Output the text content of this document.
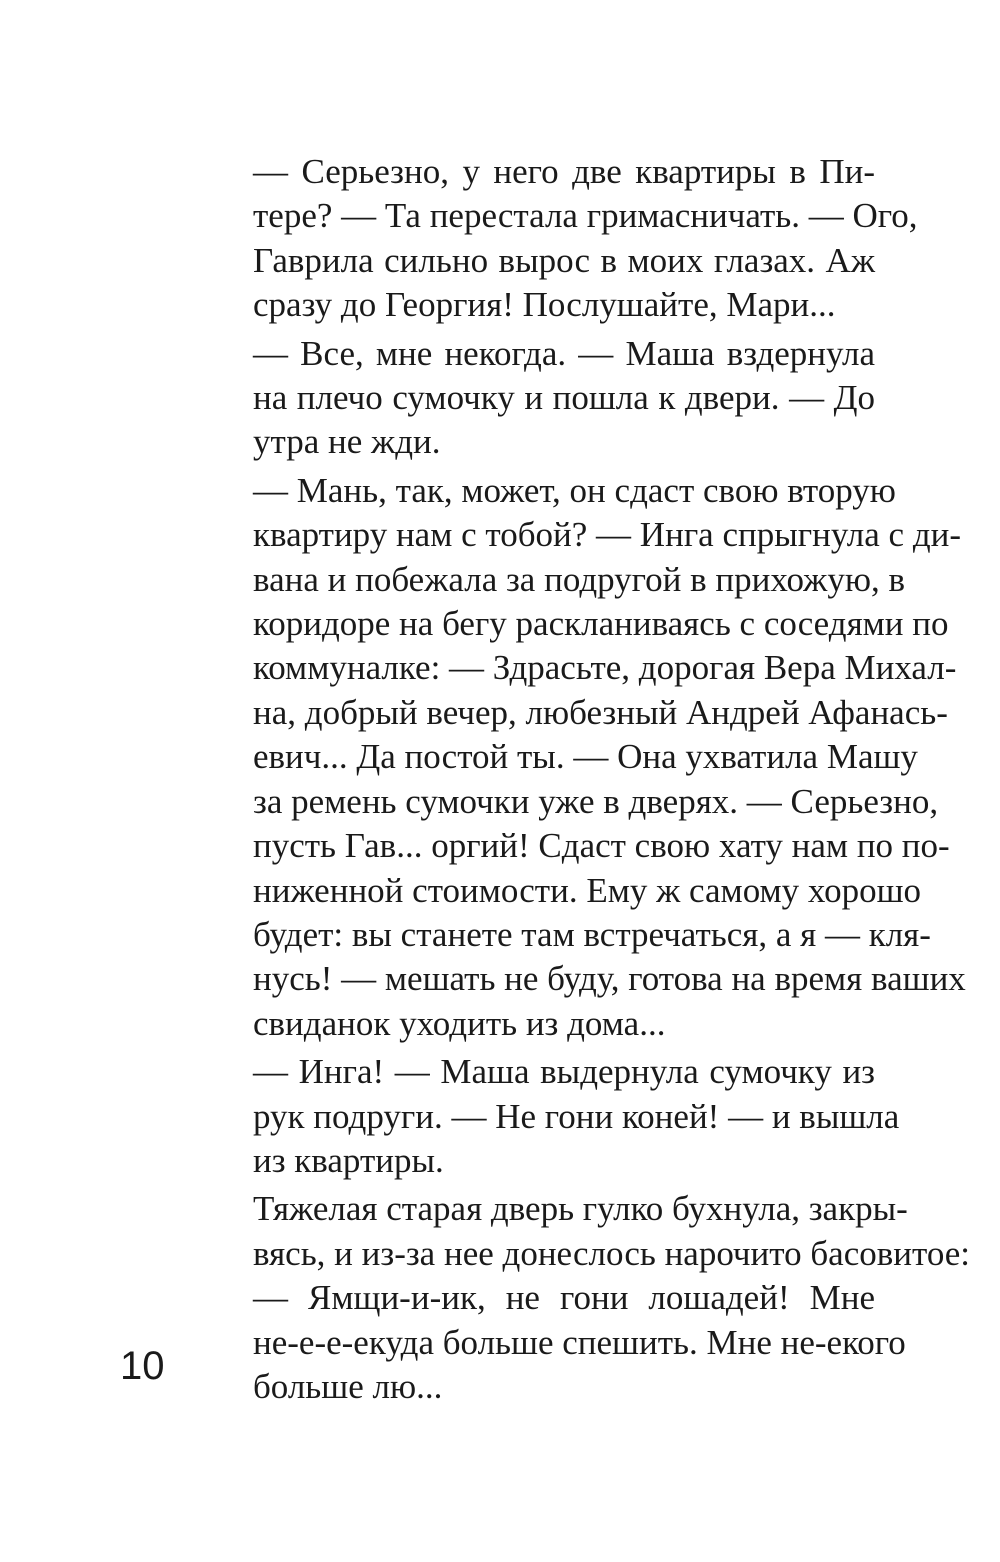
— Серьезно, у него две квартиры в Пи-
тере? — Та перестала гримасничать. — Ого,
Гаврила сильно вырос в моих глазах. Аж
сразу до Георгия! Послушайте, Мари...
— Все, мне некогда. — Маша вздернула
на плечо сумочку и пошла к двери. — До
утра не жди.
— Мань, так, может, он сдаст свою вторую
квартиру нам с тобой? — Инга спрыгнула с ди-
вана и побежала за подругой в прихожую, в
коридоре на бегу раскланиваясь с соседями по
коммуналке: — Здрасьте, дорогая Вера Михал-
на, добрый вечер, любезный Андрей Афанась-
евич... Да постой ты. — Она ухватила Машу
за ремень сумочки уже в дверях. — Серьезно,
пусть Гав... оргий! Сдаст свою хату нам по по-
ниженной стоимости. Ему ж самому хорошо
будет: вы станете там встречаться, а я — кля-
нусь! — мешать не буду, готова на время ваших
свиданок уходить из дома...
— Инга! — Маша выдернула сумочку из
рук подруги. — Не гони коней! — и вышла
из квартиры.
Тяжелая старая дверь гулко бухнула, закры-
вясь, и из-за нее донеслось нарочито басовитое:
— Ямщи-и-ик, не гони лошадей! Мне
не-е-е-екуда больше спешить. Мне не-екого
больше лю...
10
